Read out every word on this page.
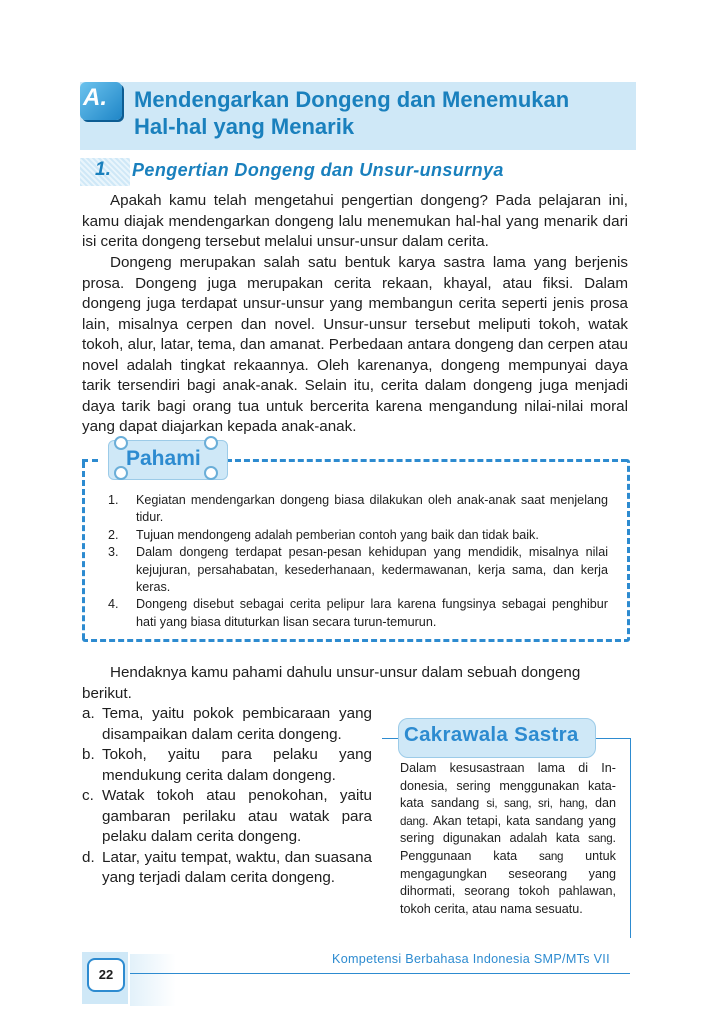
A.	Mendengarkan Dongeng dan Menemukan
Hal-hal yang Menarik
1. Pengertian Dongeng dan Unsur-unsurnya

Apakah kamu telah mengetahui pengertian dongeng? Pada pelajaran ini, kamu diajak mendengarkan dongeng lalu menemukan hal-hal yang menarik dari isi cerita dongeng tersebut melalui unsur-unsur dalam cerita.

Dongeng merupakan salah satu bentuk karya sastra lama yang berjenis prosa. Dongeng juga merupakan cerita rekaan, khayal, atau fiksi. Dalam dongeng juga terdapat unsur-unsur yang membangun cerita seperti jenis prosa lain, misalnya cerpen dan novel. Unsur-unsur tersebut meliputi tokoh, watak tokoh, alur, latar, tema, dan amanat. Perbedaan antara dongeng dan cerpen atau novel adalah tingkat rekaannya. Oleh karenanya, dongeng mempunyai daya tarik tersendiri bagi anak-anak. Selain itu, cerita dalam dongeng juga menjadi daya tarik bagi orang tua untuk bercerita karena mengandung nilai-nilai moral yang dapat diajarkan kepada anak-anak.

Pahami
1. Kegiatan mendengarkan dongeng biasa dilakukan oleh anak-anak saat menjelang tidur.
2. Tujuan mendongeng adalah pemberian contoh yang baik dan tidak baik.
3. Dalam dongeng terdapat pesan-pesan kehidupan yang mendidik, misalnya nilai kejujuran, persahabatan, kesederhanaan, kedermawanan, kerja sama, dan kerja keras.
4. Dongeng disebut sebagai cerita pelipur lara karena fungsinya sebagai penghibur hati yang biasa dituturkan lisan secara turun-temurun.

Hendaknya kamu pahami dahulu unsur-unsur dalam sebuah dongeng
berikut.

a. Tema, yaitu pokok pembicaraan yang disampaikan dalam cerita dongeng.
b. Tokoh, yaitu para pelaku yang mendukung cerita dalam dongeng.
c. Watak tokoh atau penokohan, yaitu gambaran perilaku atau watak para pelaku dalam cerita dongeng.
d. Latar, yaitu tempat, waktu, dan suasana yang terjadi dalam cerita dongeng.
Cakrawala Sastra

Dalam kesusastraan lama di In-donesia, sering menggunakan kata-kata sandang si, sang, sri, hang, dan dang. Akan tetapi, kata sandang yang sering digunakan adalah kata sang. Penggunaan kata sang untuk mengagungkan seseorang yang dihormati, seorang tokoh pahlawan, tokoh cerita, atau nama sesuatu.

Kompetensi Berbahasa Indonesia SMP/MTs VII
22
